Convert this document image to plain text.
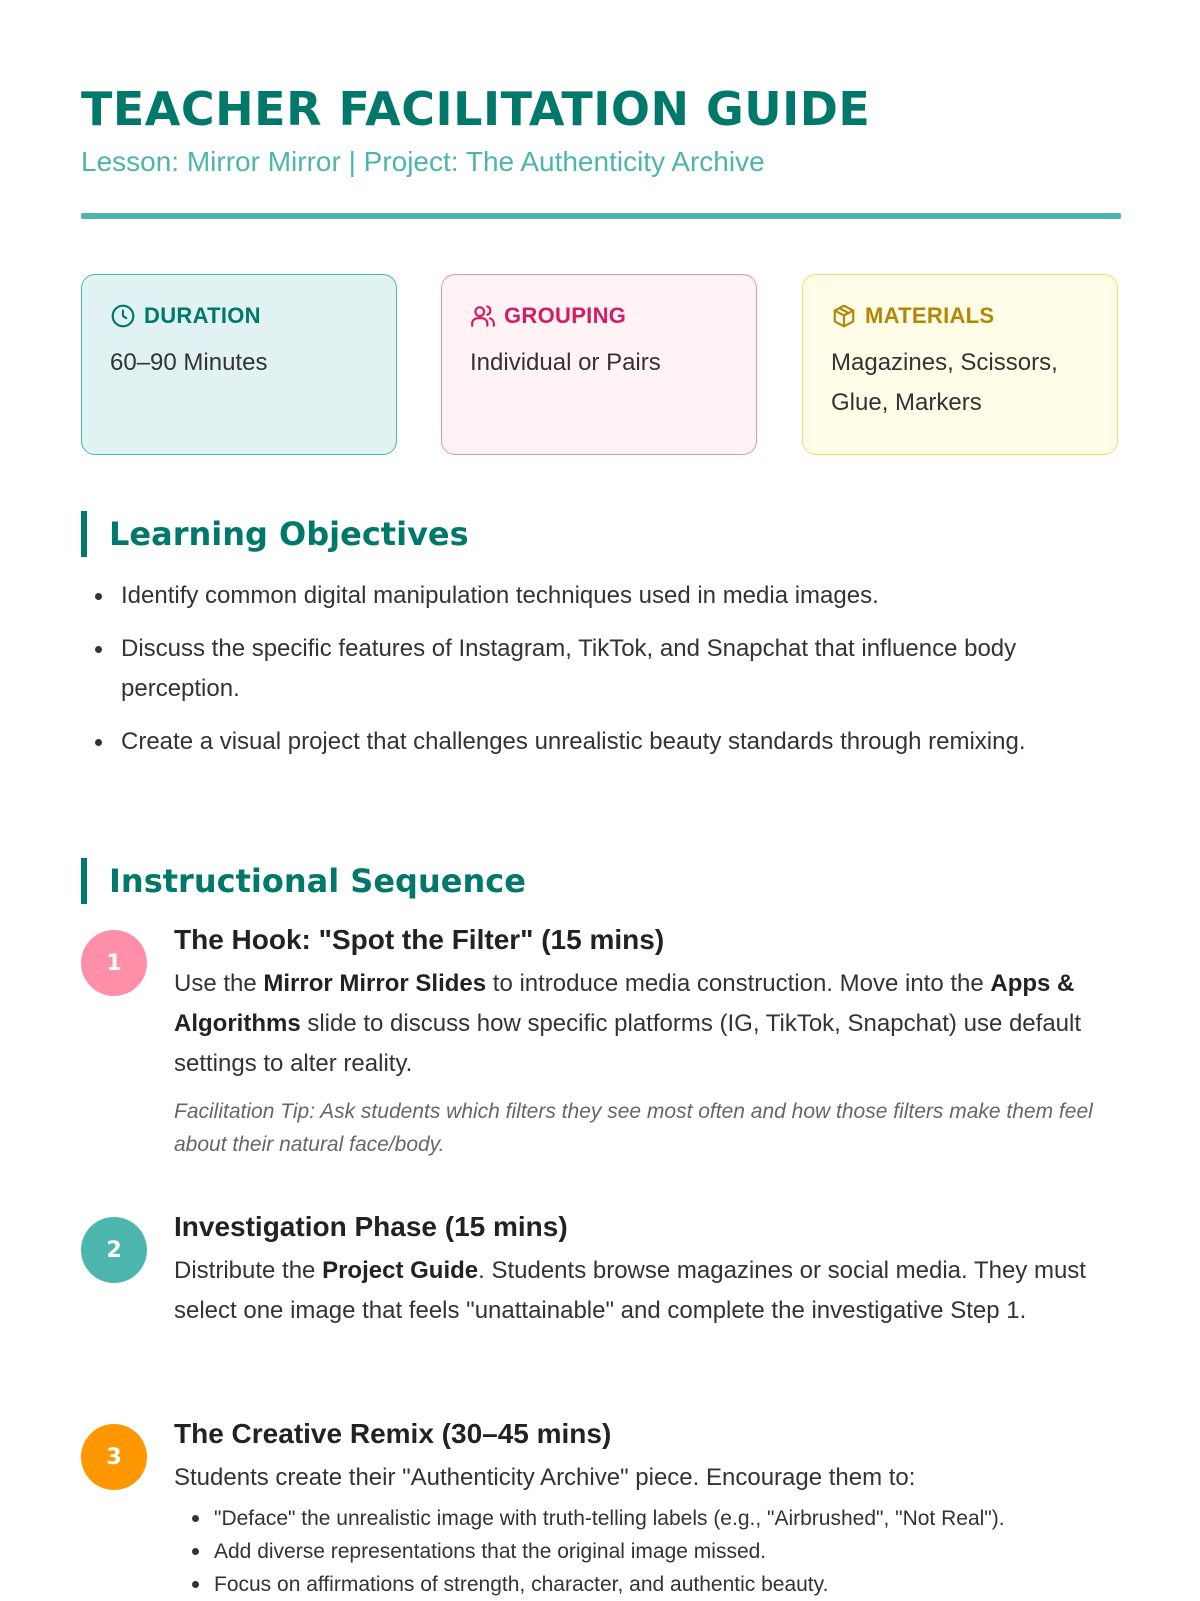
TEACHER FACILITATION GUIDE

Lesson: Mirror Mirror | Project: The Authenticity Archive

DURATION
60–90 Minutes
GROUPING
Individual or Pairs
MATERIALS
Magazines, Scissors, Glue, Markers
Learning Objectives
Identify common digital manipulation techniques used in media images.
Discuss the specific features of Instagram, TikTok, and Snapchat that influence body perception.
Create a visual project that challenges unrealistic beauty standards through remixing.
Instructional Sequence
1
The Hook: "Spot the Filter" (15 mins)
Use the Mirror Mirror Slides to introduce media construction. Move into the Apps & Algorithms slide to discuss how specific platforms (IG, TikTok, Snapchat) use default settings to alter reality.
Facilitation Tip: Ask students which filters they see most often and how those filters make them feel about their natural face/body.
2
Investigation Phase (15 mins)
Distribute the Project Guide. Students browse magazines or social media. They must select one image that feels "unattainable" and complete the investigative Step 1.
3
The Creative Remix (30–45 mins)
Students create their "Authenticity Archive" piece. Encourage them to:
"Deface" the unrealistic image with truth-telling labels (e.g., "Airbrushed", "Not Real").
Add diverse representations that the original image missed.
Focus on affirmations of strength, character, and authentic beauty.
